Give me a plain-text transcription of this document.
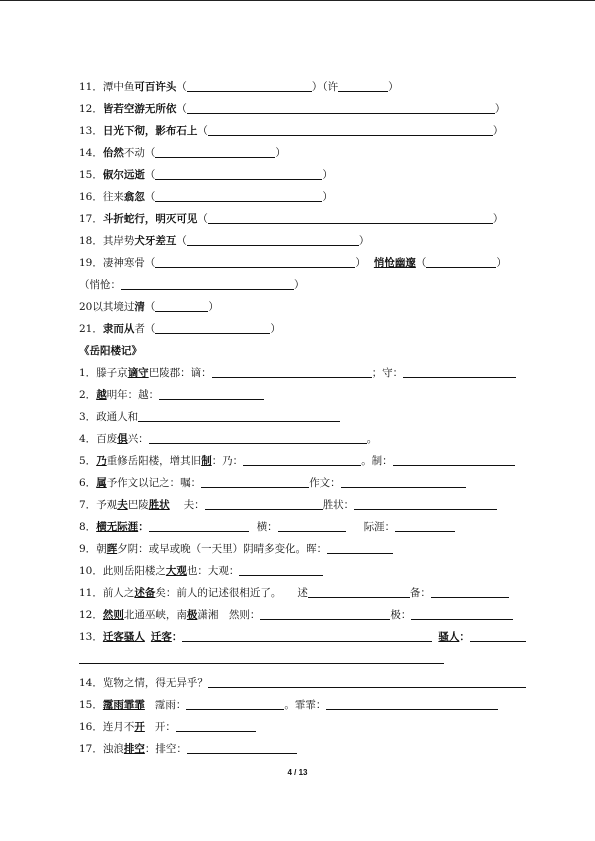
11．潭中鱼可百许头（	）（许	）
12．皆若空游无所依（	）
13．日光下彻，影布石上（	）
14．佁然不动（	）
15．俶尔远逝（	）
16．往来翕忽（	）
17．斗折蛇行，明灭可见（	）
18．其岸势犬牙差互（	）
19．凄神寒骨（	） 悄怆幽邃（	）
（悄怆：	）
20以其境过清（	）
21．隶而从者（	）
《岳阳楼记》
1．滕子京谪守巴陵郡：谪：	；守：
2．越明年：越：
3．政通人和
4．百废俱兴：	。
5．乃重修岳阳楼，增其旧制：乃：	。制：
6．属予作文以记之：嘱：	作文：
7．予观夫巴陵胜状 夫：	胜状：
8．横无际涯：	横：	际涯：
9．朝晖夕阴：或早或晚（一天里）阴晴多变化。晖：
10．此则岳阳楼之大观也：大观：
11．前人之述备矣：前人的记述很相近了。 述	备：
12．然则北通巫峡，南极潇湘　然则：	极：
13．迁客骚人 迁客：	骚人：
14．览物之情，得无异乎？
15．霪雨霏霏 霪雨：	。霏霏：
16．连月不开 开：
17．浊浪排空：排空：
4 / 13
